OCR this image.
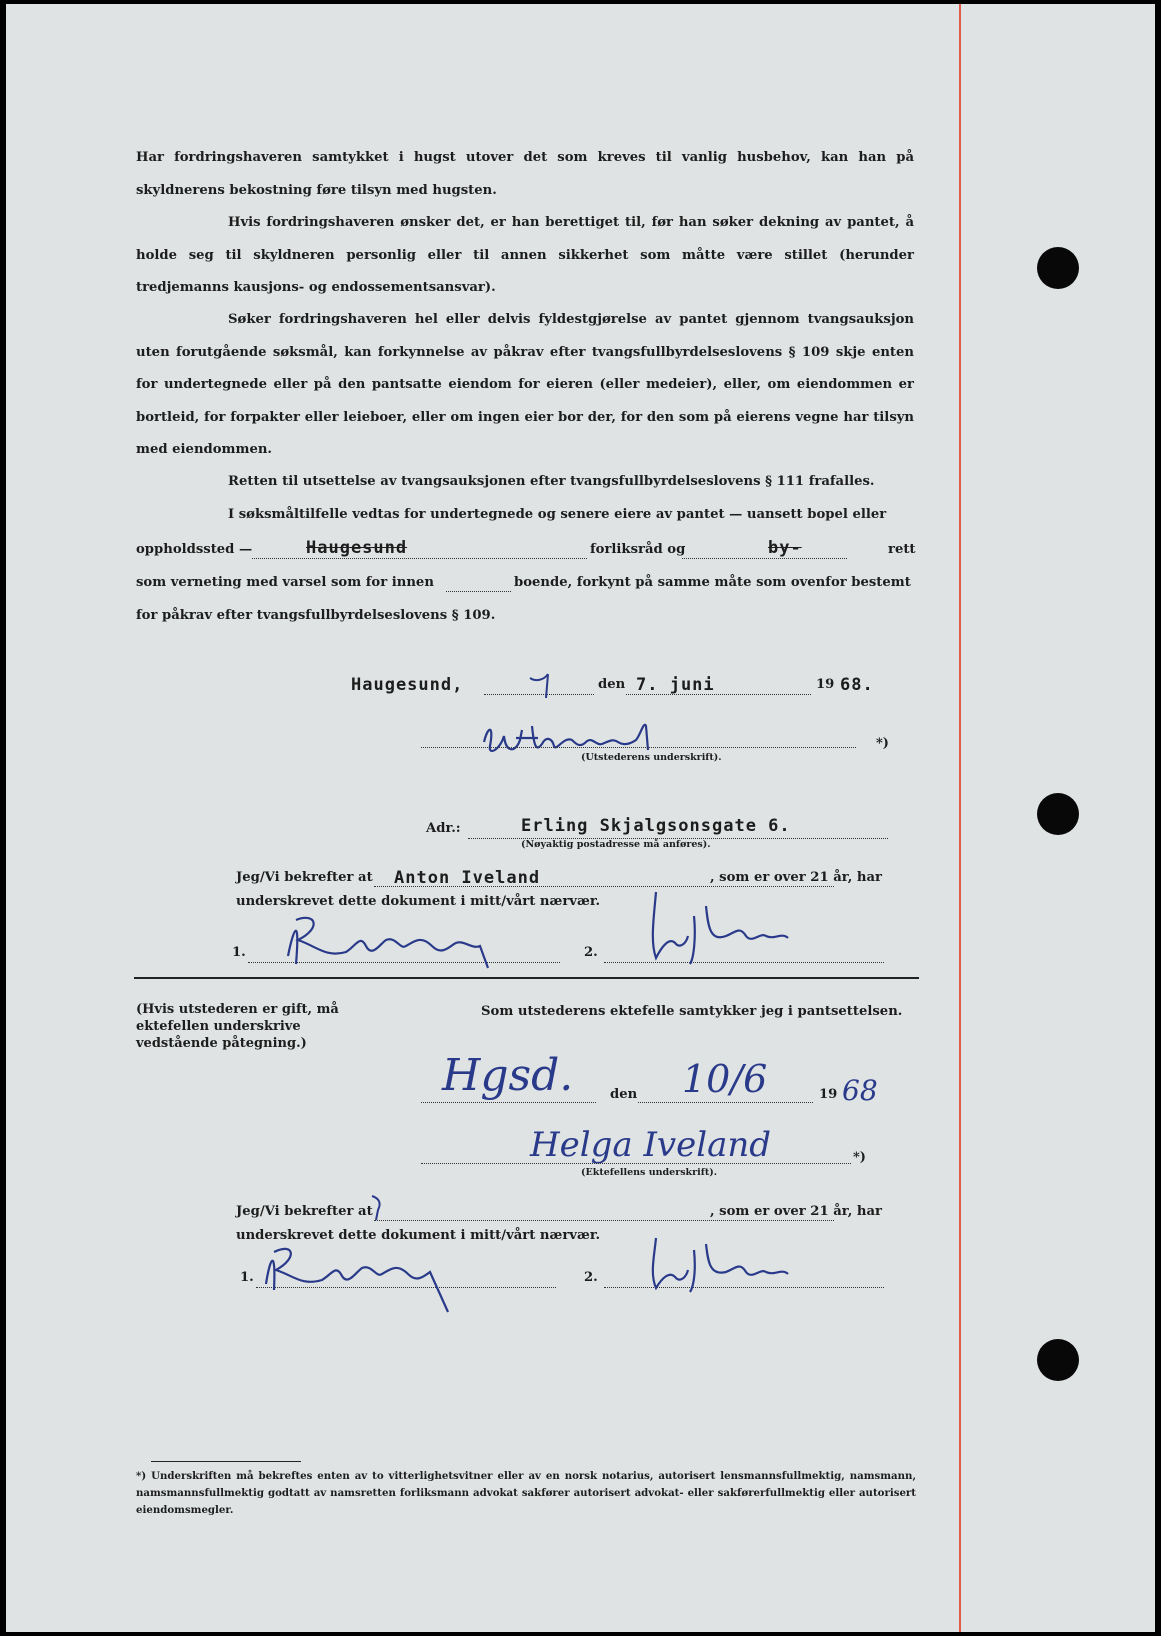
Har fordringshaveren samtykket i hugst utover det som kreves til vanlig husbehov, kan han på skyldnerens bekostning føre tilsyn med hugsten.

Hvis fordringshaveren ønsker det, er han berettiget til, før han søker dekning av pantet, å holde seg til skyldneren personlig eller til annen sikkerhet som måtte være stillet (herunder tredjemanns kausjons- og endossementsansvar).

Søker fordringshaveren hel eller delvis fyldestgjørelse av pantet gjennom tvangsauksjon uten forutgående søksmål, kan forkynnelse av påkrav efter tvangsfullbyrdelseslovens § 109 skje enten for undertegnede eller på den pantsatte eiendom for eieren (eller medeier), eller, om eiendommen er bortleid, for forpakter eller leieboer, eller om ingen eier bor der, for den som på eierens vegne har tilsyn med eiendommen.

Retten til utsettelse av tvangsauksjonen efter tvangsfullbyrdelseslovens § 111 frafalles.

I søksmåltilfelle vedtas for undertegnede og senere eiere av pantet — uansett bopel eller

oppholdssted —	Haugesund	forliksråd og	by-	rett
som verneting med varsel som for innen	boende, forkynt på samme måte som ovenfor bestemt
for påkrav efter tvangsfullbyrdelseslovens § 109.
Haugesund,	den 7. juni	19 68.
*)
(Utstederens underskrift).
Adr.:	Erling Skjalgsonsgate 6.
(Nøyaktig postadresse må anføres).
Jeg/Vi bekrefter at Anton Iveland	, som er over 21 år, har
underskrevet dette dokument i mitt/vårt nærvær.
1.	2.
(Hvis utstederen er gift, må ektefellen underskrive vedstående påtegning.)
Som utstederens ektefelle samtykker jeg i pantsettelsen.
Hgsd.	den 10/6	19 68
Helga Iveland	*)
(Ektefellens underskrift).
Jeg/Vi bekrefter at	, som er over 21 år, har
underskrevet dette dokument i mitt/vårt nærvær.
1.	2.

*) Underskriften må bekreftes enten av to vitterlighetsvitner eller av en norsk notarius, autorisert lensmannsfullmektig, namsmann, namsmannsfullmektig godtatt av namsretten forliksmann advokat sakfører autorisert advokat- eller sakførerfullmektig eller autorisert eiendomsmegler.
